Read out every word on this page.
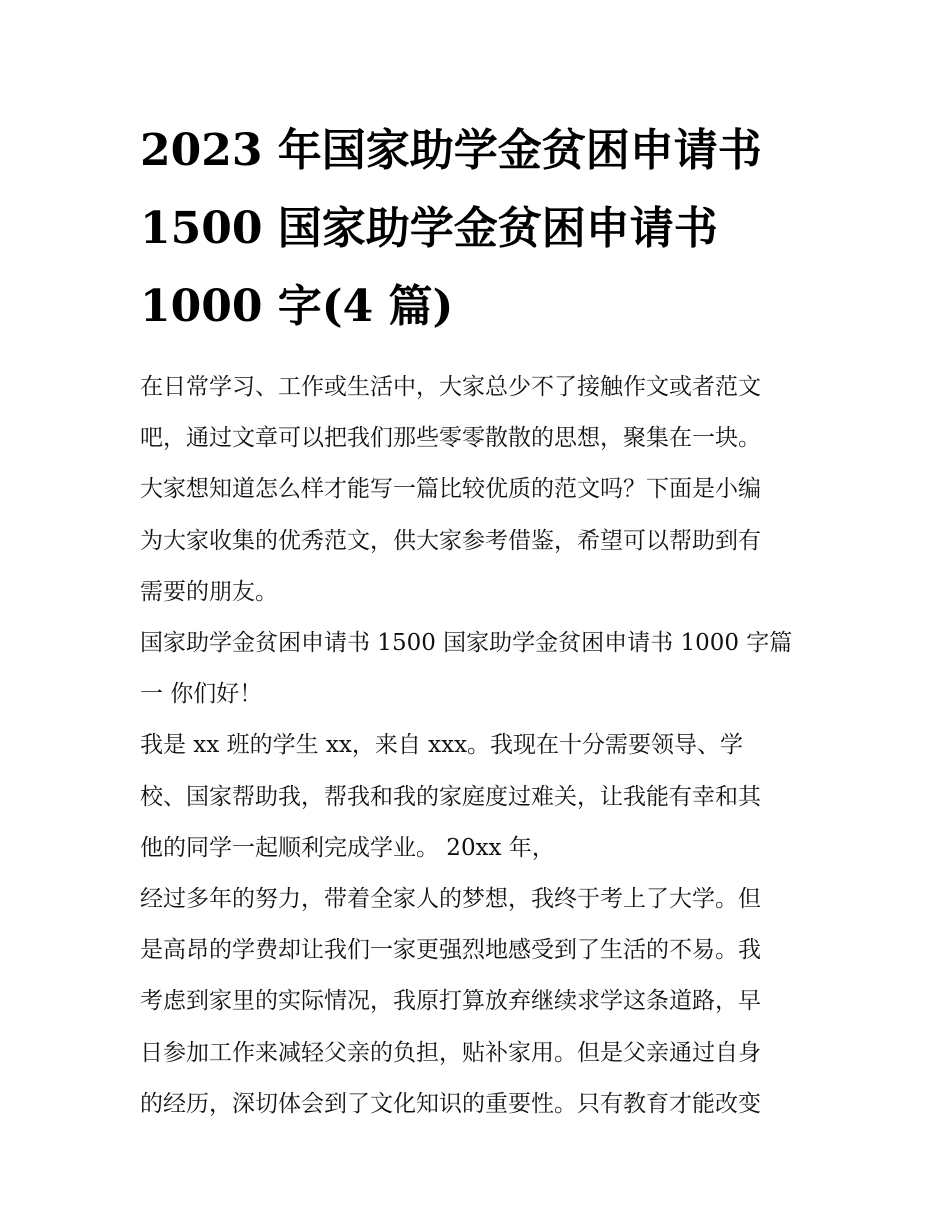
2023 年国家助学金贫困申请书
1500 国家助学金贫困申请书
1000 字(4 篇)
在日常学习、工作或生活中，大家总少不了接触作文或者范文
吧，通过文章可以把我们那些零零散散的思想，聚集在一块。
大家想知道怎么样才能写一篇比较优质的范文吗？下面是小编
为大家收集的优秀范文，供大家参考借鉴，希望可以帮助到有
需要的朋友。
国家助学金贫困申请书 1500 国家助学金贫困申请书 1000 字篇
一 你们好！
我是 xx 班的学生 xx，来自 xxx。我现在十分需要领导、学
校、国家帮助我，帮我和我的家庭度过难关，让我能有幸和其
他的同学一起顺利完成学业。 20xx 年，
经过多年的努力，带着全家人的梦想，我终于考上了大学。但
是高昂的学费却让我们一家更强烈地感受到了生活的不易。我
考虑到家里的实际情况，我原打算放弃继续求学这条道路，早
日参加工作来减轻父亲的负担，贴补家用。但是父亲通过自身
的经历，深切体会到了文化知识的重要性。只有教育才能改变
